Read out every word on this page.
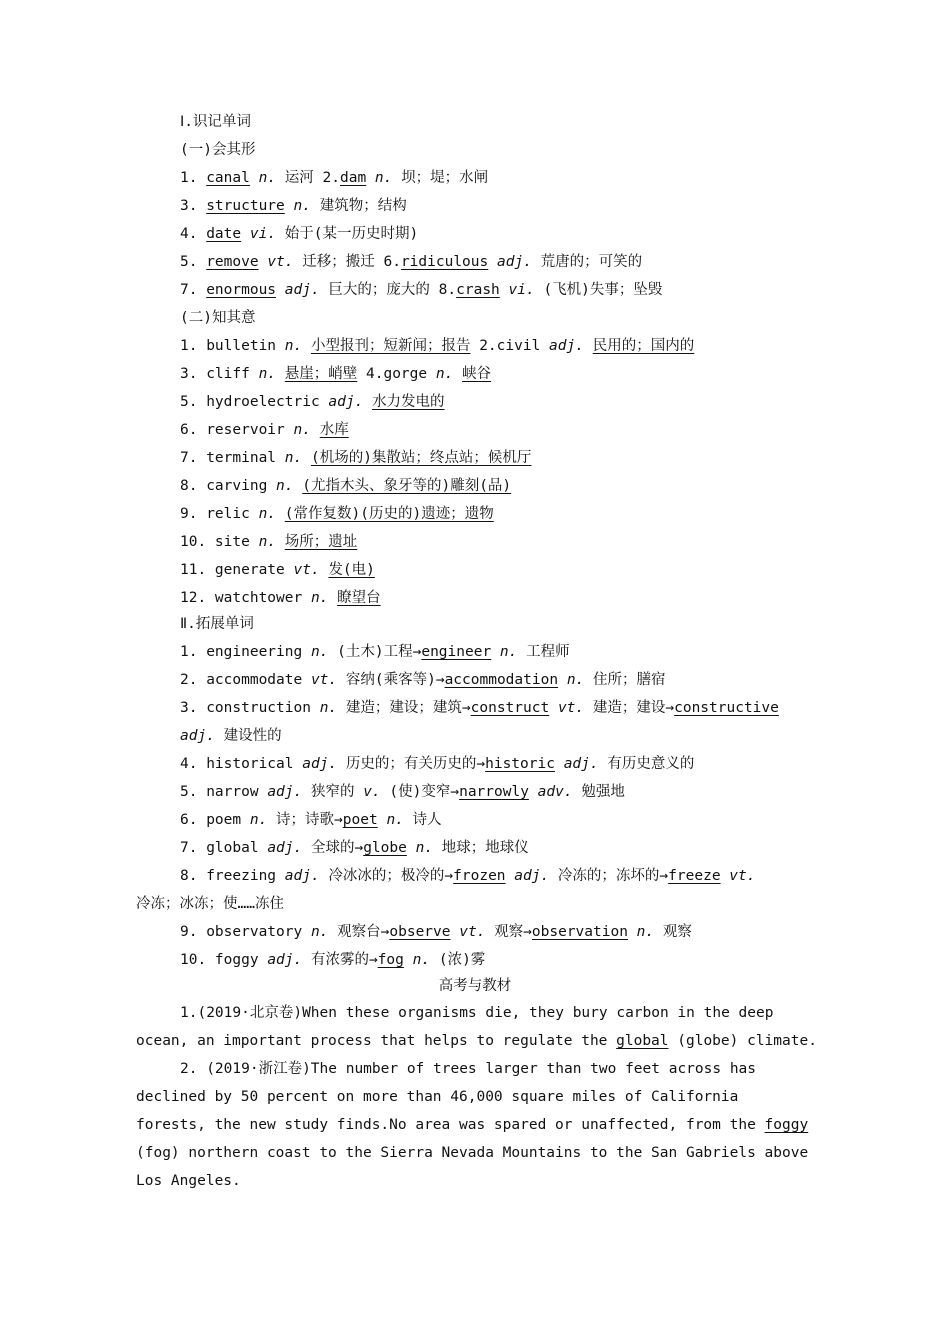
Ⅰ.识记单词
(一)会其形
1. canal n. 运河 2.dam n. 坝；堤；水闸
3. structure n. 建筑物；结构
4. date vi. 始于(某一历史时期)
5. remove vt. 迁移；搬迁 6.ridiculous adj. 荒唐的；可笑的
7. enormous adj. 巨大的；庞大的 8.crash vi. (飞机)失事；坠毁
(二)知其意
1. bulletin n. 小型报刊；短新闻；报告 2.civil adj. 民用的；国内的
3. cliff n. 悬崖；峭壁 4.gorge n. 峡谷
5. hydroelectric adj. 水力发电的
6. reservoir n. 水库
7. terminal n. (机场的)集散站；终点站；候机厅
8. carving n. (尤指木头、象牙等的)雕刻(品)
9. relic n. (常作复数)(历史的)遗迹；遗物
10. site n. 场所；遗址
11. generate vt. 发(电)
12. watchtower n. 瞭望台
Ⅱ.拓展单词
1. engineering n. (土木)工程→engineer n. 工程师
2. accommodate vt. 容纳(乘客等)→accommodation n. 住所；膳宿
3. construction n. 建造；建设；建筑→construct vt. 建造；建设→constructive
adj. 建设性的
4. historical adj. 历史的；有关历史的→historic adj. 有历史意义的
5. narrow adj. 狭窄的 v. (使)变窄→narrowly adv. 勉强地
6. poem n. 诗；诗歌→poet n. 诗人
7. global adj. 全球的→globe n. 地球；地球仪
8. freezing adj. 冷冰冰的；极冷的→frozen adj. 冷冻的；冻坏的→freeze vt.
冷冻；冰冻；使……冻住
9. observatory n. 观察台→observe vt. 观察→observation n. 观察
10. foggy adj. 有浓雾的→fog n. (浓)雾
高考与教材
1.(2019·北京卷)When these organisms die, they bury carbon in the deep
ocean, an important process that helps to regulate the global (globe) climate.
2. (2019·浙江卷)The number of trees larger than two feet across has
declined by 50 percent on more than 46,000 square miles of California
forests, the new study finds.No area was spared or unaffected, from the foggy
(fog) northern coast to the Sierra Nevada Mountains to the San Gabriels above
Los Angeles.
